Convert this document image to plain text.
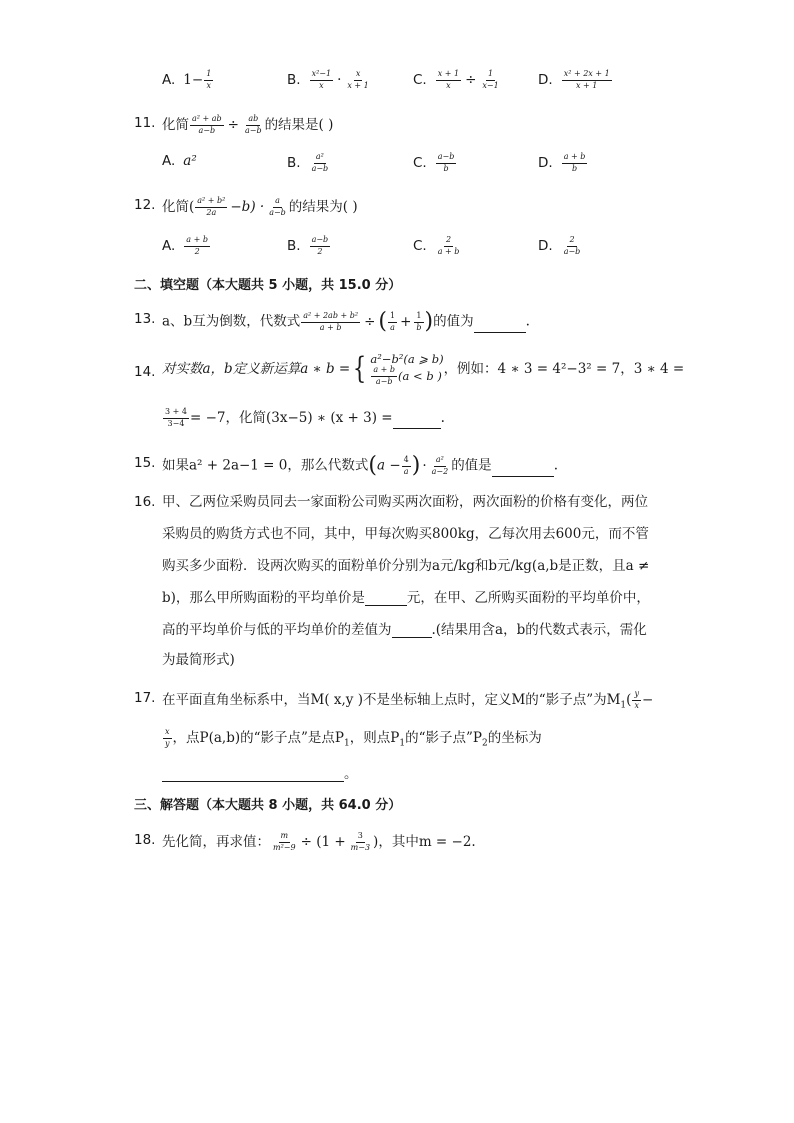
A. $1- \frac{1}{x}$	B. $\frac{\text{x²−1}}{x} \cdot \frac{x}{x + 1}$	C. $\frac{x + 1}{x} \div \frac{1}{x-1}$	D. $\frac{\text{x² + 2x + 1}}{x + 1}$
11. 化简 $\frac{\text{a² + ab}}{a-b} \div \frac{ab}{a-b}$ 的结果是( )
A. a²	B. $\frac{\text{a²}}{a-b}$	C. $\frac{a-b}{b}$	D. $\frac{a + b}{b}$
12. 化简( $\frac{\text{a² + b²}}{2a} -b) \cdot \frac{a}{a-b}$ 的结果为( )
A. $\frac{a + b}{2}$	B. $\frac{a-b}{2}$	C. $\frac{2}{a + b}$	D. $\frac{2}{a-b}$
二、填空题（本大题共 5 小题，共 15.0 分）
13. a、b互为倒数，代数式 $\frac{\text{a² + 2ab + b²}}{a + b}$ ÷ ( $\frac{1}{a} + \frac{1}{b}$ )的值为	.
14. 对实数a，b定义新运算a ∗ b = { a²−b²(a ⩾ b)
$\frac{a + b}{a-b} (a < b$ ) ，例如：4 ∗ 3 = 4²−3² = 7，3 ∗ 4 =
$\frac{3 + 4}{3-4} = -7$，化简(3x−5) ∗ (x + 3) =	.
15. 如果a² + 2a−1 = 0，那么代数式($a - \frac{4}{a}$ ) · $\frac{\text{a²}}{a-2}$ 的值是	.
16. 甲、乙两位采购员同去一家面粉公司购买两次面粉，两次面粉的价格有变化，两位
采购员的购货方式也不同，其中，甲每次购买800kg，乙每次用去600元，而不管
购买多少面粉．设两次购买的面粉单价分别为a元/kg和b元/kg(a,b是正数，且a ≠
b)，那么甲所购面粉的平均单价是	元，在甲、乙所购买面粉的平均单价中，
高的平均单价与低的平均单价的差值为	.(结果用含a，b的代数式表示，需化
为最简形式)
17. 在平面直角坐标系中，当M( x,y )不是坐标轴上点时，定义M的“影子点”为$M_1( \frac{y}{x}$ −
$\frac{x}{y}$ ，点P(a,b)的“影子点”是点$P_1$，则点$P_1$的“影子点$”P_2$的坐标为
。
三、解答题（本大题共 8 小题，共 64.0 分）
18. 先化简，再求值： $\frac{m}{\text{m²−9}} \div (1 + \frac{3}{m-3}$ )，其中m = −2.
